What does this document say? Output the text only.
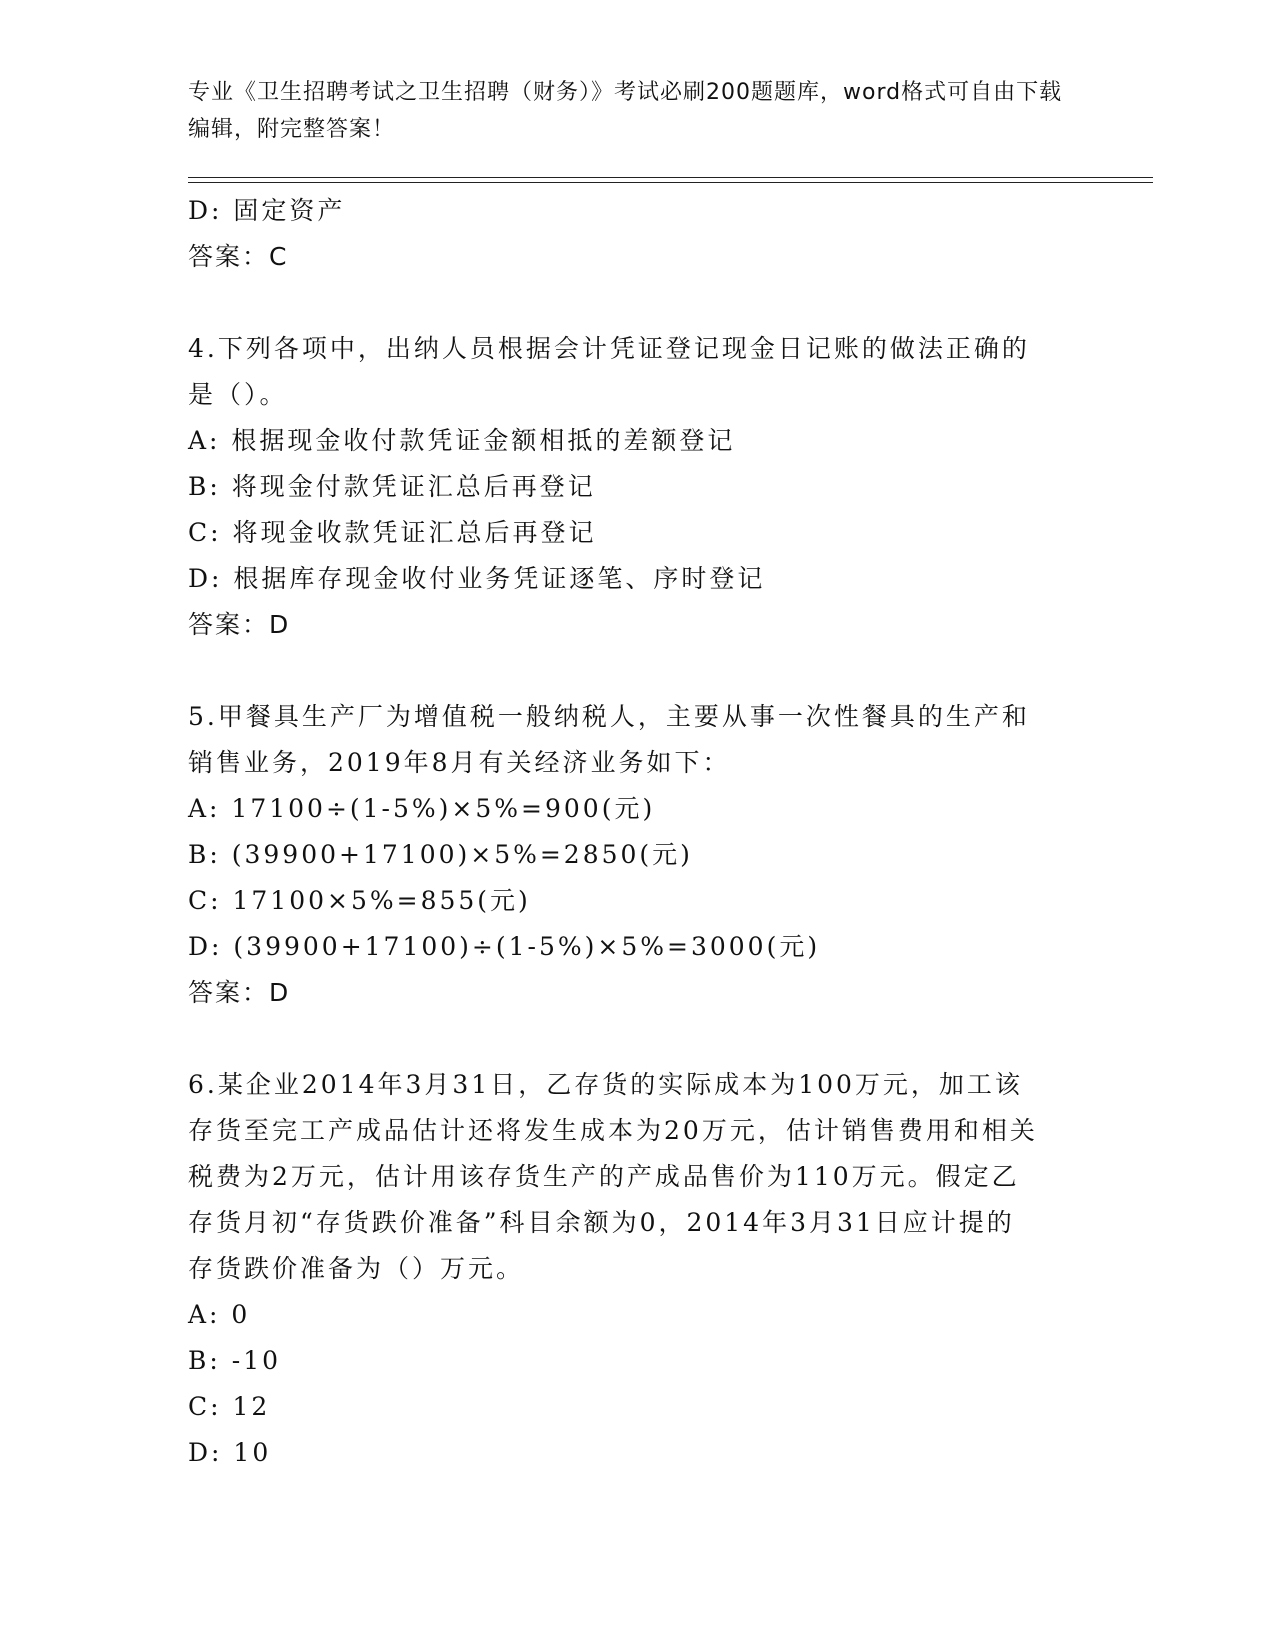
专业《卫生招聘考试之卫生招聘（财务）》考试必刷200题题库，word格式可自由下载编辑，附完整答案！
D: 固定资产
答案：C
4.下列各项中，出纳人员根据会计凭证登记现金日记账的做法正确的
是（）。
A: 根据现金收付款凭证金额相抵的差额登记
B: 将现金付款凭证汇总后再登记
C: 将现金收款凭证汇总后再登记
D: 根据库存现金收付业务凭证逐笔、序时登记
答案：D
5.甲餐具生产厂为增值税一般纳税人，主要从事一次性餐具的生产和
销售业务，2019年8月有关经济业务如下：
A: 17100÷(1-5%)×5%=900(元)
B: (39900+17100)×5%=2850(元)
C: 17100×5%=855(元)
D: (39900+17100)÷(1-5%)×5%=3000(元)
答案：D
6.某企业2014年3月31日，乙存货的实际成本为100万元，加工该
存货至完工产成品估计还将发生成本为20万元，估计销售费用和相关
税费为2万元，估计用该存货生产的产成品售价为110万元。假定乙
存货月初“存货跌价准备”科目余额为0，2014年3月31日应计提的
存货跌价准备为（）万元。
A: 0
B: -10
C: 12
D: 10
